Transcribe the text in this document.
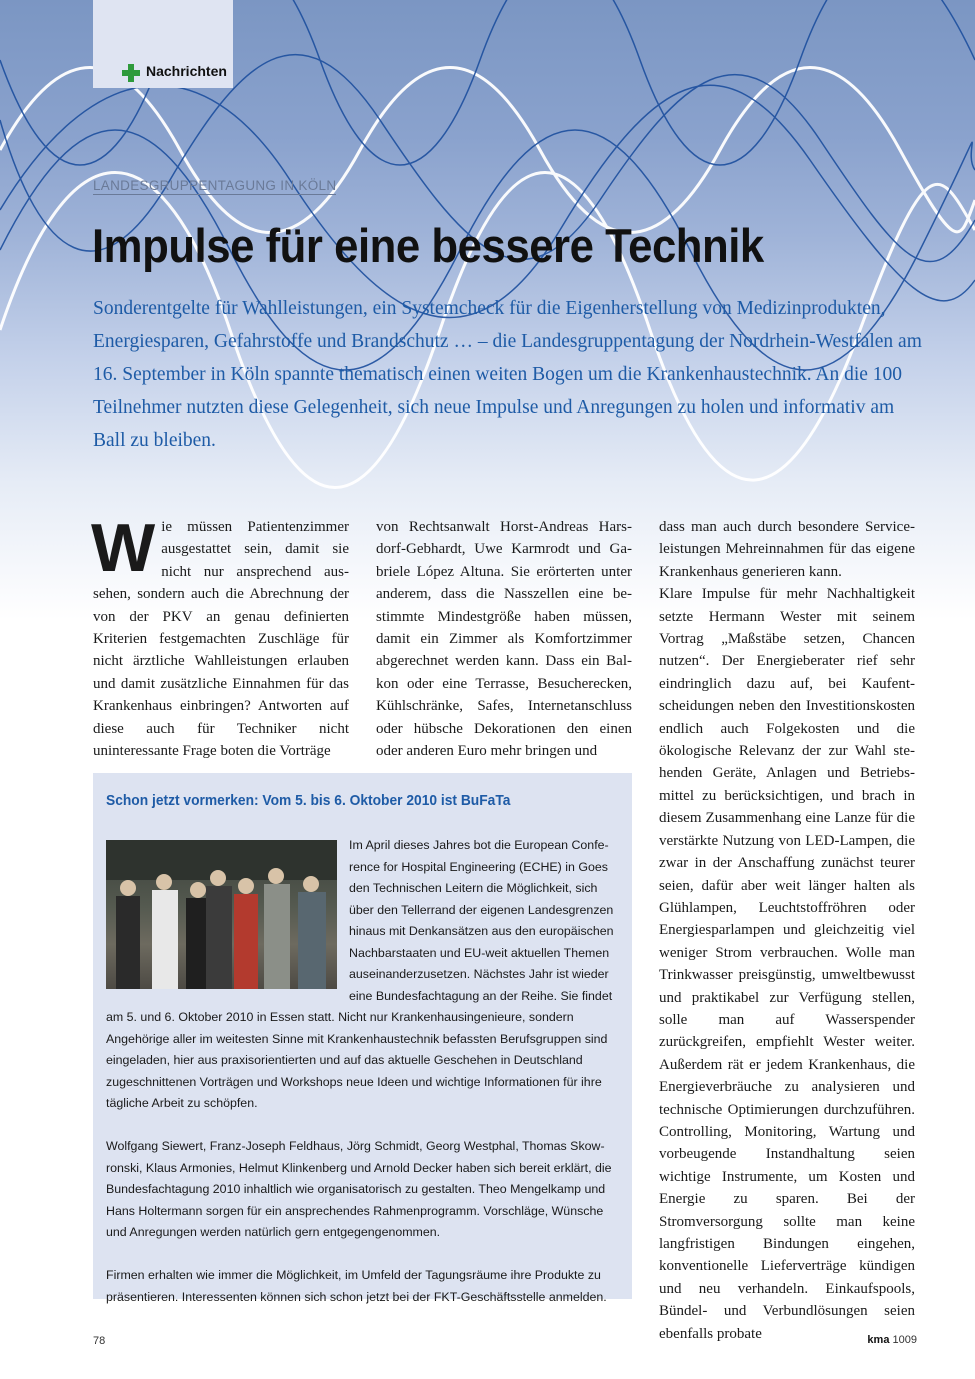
Nachrichten
LANDESGRUPPENTAGUNG IN KÖLN
Impulse für eine bessere Technik
Sonderentgelte für Wahlleistungen, ein Systemcheck für die Eigenherstellung von Medizinprodukten, Energiesparen, Gefahrstoffe und Brandschutz … – die Landesgruppentagung der Nordrhein-Westfalen am 16. September in Köln spannte thematisch einen weiten Bogen um die Krankenhaustechnik. An die 100 Teilnehmer nutzten diese Gelegenheit, sich neue Impulse und Anregungen zu holen und informativ am Ball zu bleiben.
Wie müssen Patientenzimmer ausgestattet sein, damit sie nicht nur ansprechend aussehen, sondern auch die Abrechnung der von der PKV an genau definierten Kriterien festgemachten Zuschläge für nicht ärztliche Wahlleistungen erlauben und damit zusätzliche Einnahmen für das Krankenhaus einbringen? Antworten auf diese auch für Techniker nicht uninteressante Frage boten die Vorträge

von Rechtsanwalt Horst-Andreas Harsdorf-Gebhardt, Uwe Karmrodt und Gabriele López Altuna. Sie erörterten unter anderem, dass die Nasszellen eine bestimmte Mindestgröße haben müssen, damit ein Zimmer als Komfortzimmer abgerechnet werden kann. Dass ein Balkon oder eine Terrasse, Besucherecken, Kühlschränke, Safes, Internetanschluss oder hübsche Dekorationen den einen oder anderen Euro mehr bringen und

dass man auch durch besondere Serviceleistungen Mehreinnahmen für das eigene Krankenhaus generieren kann.

Klare Impulse für mehr Nachhaltigkeit setzte Hermann Wester mit seinem Vortrag „Maßstäbe setzen, Chancen nutzen“. Der Energieberater rief sehr eindringlich dazu auf, bei Kaufentscheidungen neben den Investitionskosten endlich auch Folgekosten und die ökologische Relevanz der zur Wahl stehenden Geräte, Anlagen und Betriebsmittel zu berücksichtigen, und brach in diesem Zusammenhang eine Lanze für die verstärkte Nutzung von LED-Lampen, die zwar in der Anschaffung zunächst teurer seien, dafür aber weit länger halten als Glühlampen, Leuchtstoffröhren oder Energiesparlampen und gleichzeitig viel weniger Strom verbrauchen. Wolle man Trinkwasser preisgünstig, umweltbewusst und praktikabel zur Verfügung stellen, solle man auf Wasserspender zurückgreifen, empfiehlt Wester weiter. Außerdem rät er jedem Krankenhaus, die Energieverbräuche zu analysieren und technische Optimierungen durchzuführen. Controlling, Monitoring, Wartung und vorbeugende Instandhaltung seien wichtige Instrumente, um Kosten und Energie zu sparen. Bei der Stromversorgung sollte man keine langfristigen Bindungen eingehen, konventionelle Lieferverträge kündigen und neu verhandeln. Einkaufspools, Bündel- und Verbundlösungen seien ebenfalls probate

Schon jetzt vormerken: Vom 5. bis 6. Oktober 2010 ist BuFaTa

Im April dieses Jahres bot die European Conference for Hospital Engineering (ECHE) in Goes den Technischen Leitern die Möglichkeit, sich über den Tellerrand der eigenen Landesgrenzen hinaus mit Denkansätzen aus den europäischen Nachbarstaaten und EU-weit aktuellen Themen auseinanderzusetzen. Nächstes Jahr ist wieder eine Bundesfachtagung an der Reihe. Sie findet am 5. und 6. Oktober 2010 in Essen statt. Nicht nur Krankenhausingenieure, sondern Angehörige aller im weitesten Sinne mit Krankenhaustechnik befassten Berufsgruppen sind eingeladen, hier aus praxisorientierten und auf das aktuelle Geschehen in Deutschland zugeschnittenen Vorträgen und Workshops neue Ideen und wichtige Informationen für ihre tägliche Arbeit zu schöpfen.

Wolfgang Siewert, Franz-Joseph Feldhaus, Jörg Schmidt, Georg Westphal, Thomas Skowronski, Klaus Armonies, Helmut Klinkenberg und Arnold Decker haben sich bereit erklärt, die Bundesfachtagung 2010 inhaltlich wie organisatorisch zu gestalten. Theo Mengelkamp und Hans Holtermann sorgen für ein ansprechendes Rahmenprogramm. Vorschläge, Wünsche und Anregungen werden natürlich gern entgegengenommen.

Firmen erhalten wie immer die Möglichkeit, im Umfeld der Tagungsräume ihre Produkte zu präsentieren. Interessenten können sich schon jetzt bei der FKT-Geschäftsstelle anmelden.

78	kma 1009
